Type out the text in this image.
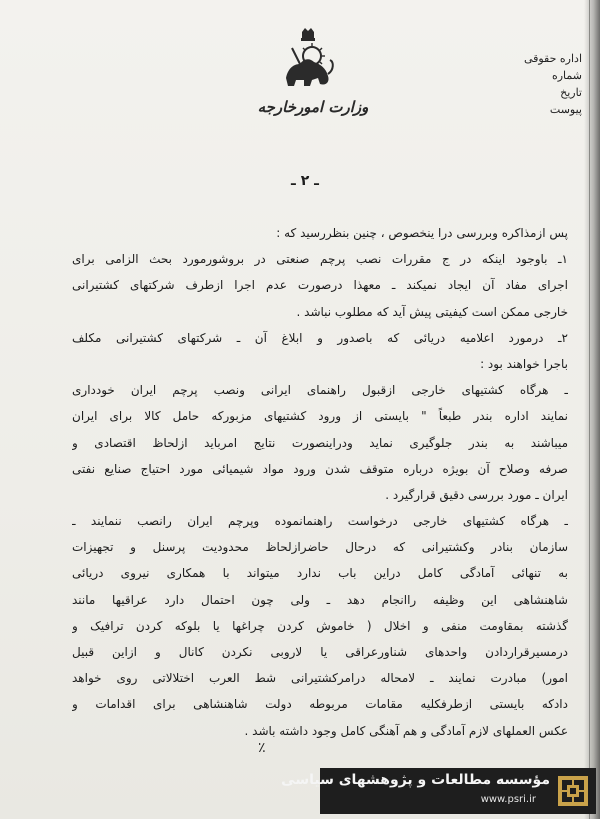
وزارت امورخارجه
اداره حقوقی
شماره
تاریخ
پیوست
ـ ۲ ـ
پس ازمذاکره وبررسی درا ینخصوص ، چنین بنظررسید که :
۱ـ باوجود اینکه در ج مقررات نصب پرچم صنعتی در بروشورمورد بحث الزامی برای
اجرای مفاد آن ایجاد نمیکند ـ معهذا درصورت عدم اجرا ازطرف شرکتهای کشتیرانی
خارجی ممکن است کیفیتی پیش آید که مطلوب نباشد .
۲ـ درمورد اعلامیه دریائی که باصدور و ابلاغ آن ـ شرکتهای کشتیرانی مکلف
باجرا خواهند بود :
ـ هرگاه کشتیهای خارجی ازقبول راهنمای ایرانی ونصب پرچم ایران خودداری
نمایند اداره بندر طبعاً " بایستی از ورود کشتیهای مزبورکه حامل کالا برای ایران
میباشند به بندر جلوگیری نماید ودراینصورت نتایج امرباید ازلحاظ اقتصادی و
صرفه وصلاح آن بویژه درباره متوقف شدن ورود مواد شیمیائی مورد احتیاج صنایع نفتی
ایران ـ مورد بررسی دقیق قرارگیرد .
ـ هرگاه کشتیهای خارجی درخواست راهنمانموده وپرچم ایران رانصب ننمایند ـ
سازمان بنادر وکشتیرانی که درحال حاضرازلحاظ محدودیت پرسنل و تجهیزات
به تنهائی آمادگی کامل دراین باب ندارد میتواند با همکاری نیروی دریائی
شاهنشاهی این وظیفه راانجام دهد ـ ولی چون احتمال دارد عراقیها مانند
گذشته بمقاومت منفی و اخلال ( خاموش کردن چراغها یا بلوکه کردن ترافیک و
درمسیرقراردادن واحدهای شناورعراقی یا لاروبی نکردن کانال و ازاین قبیل
امور) مبادرت نمایند ـ لامحاله درامرکشتیرانی شط العرب اختلالاتی روی خواهد
دادکه بایستی ازطرفکلیه مقامات مربوطه دولت شاهنشاهی برای اقدامات و
عکس العملهای لازم آمادگی و هم آهنگی کامل وجود داشته باشد .
٪
مؤسسه مطالعات و پژوهشهای سیاسی
www.psri.ir
